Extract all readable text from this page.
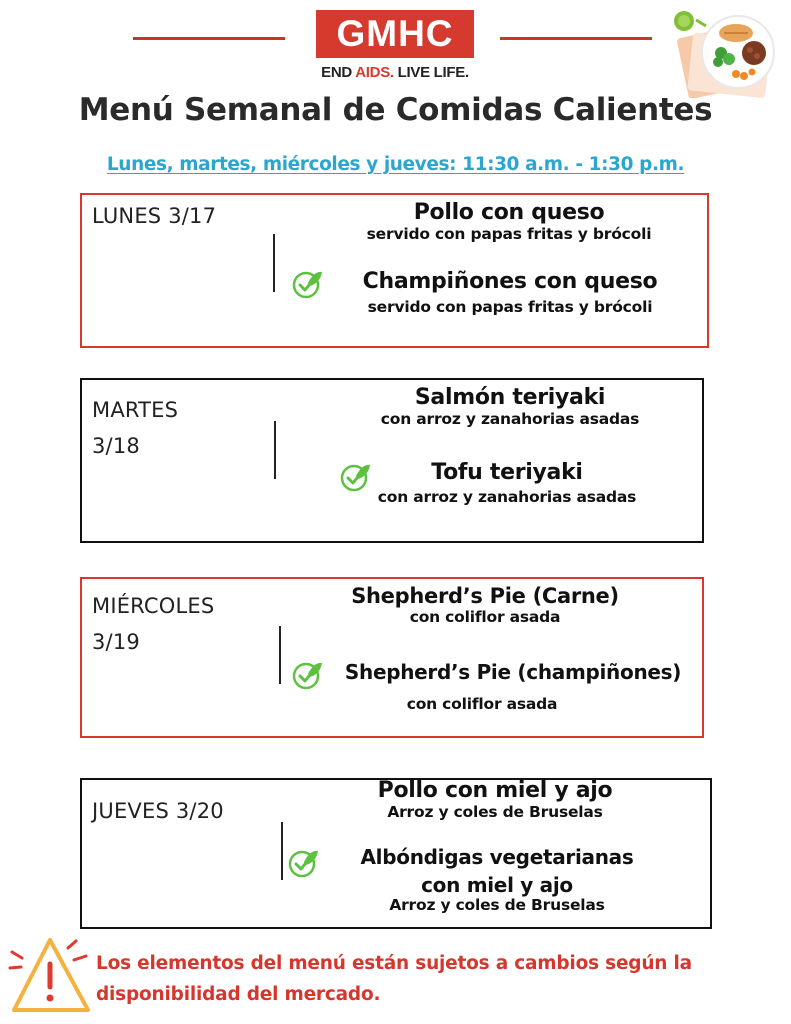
GMHC
END AIDS. LIVE LIFE.
Menú Semanal de Comidas Calientes
Lunes, martes, miércoles y jueves: 11:30 a.m. - 1:30 p.m.
LUNES 3/17	Pollo con queso
servido con papas fritas y brócoli
Champiñones con queso
servido con papas fritas y brócoli
MARTES
3/18
Salmón teriyaki
con arroz y zanahorias asadas
Tofu teriyaki
con arroz y zanahorias asadas
MIÉRCOLES
3/19
Shepherd’s Pie (Carne)
con coliflor asada
Shepherd’s Pie (champiñones)
con coliflor asada
JUEVES 3/20
Pollo con miel y ajo
Arroz y coles de Bruselas
Albóndigas vegetarianas
con miel y ajo
Arroz y coles de Bruselas
Los elementos del menú están sujetos a cambios según la
disponibilidad del mercado.
